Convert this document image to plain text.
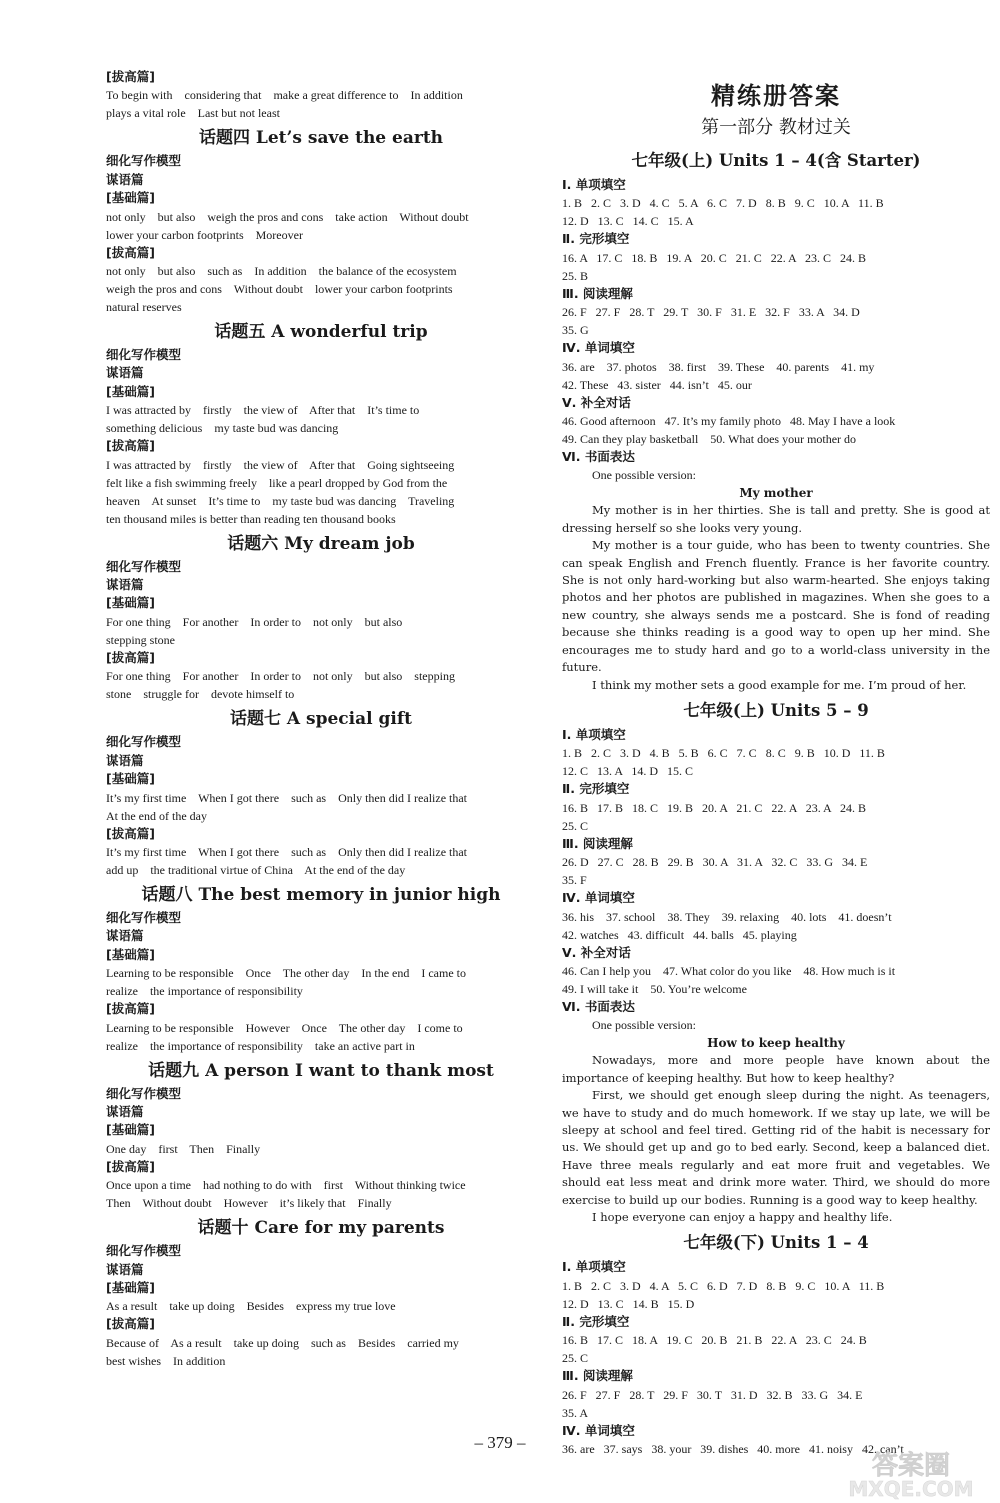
[拔高篇]
To begin with    considering that    make a great difference to    In addition
plays a vital role    Last but not least
话题四 Let’s save the earth
细化写作模型
谋语篇
[基础篇]
not only    but also    weigh the pros and cons    take action    Without doubt
lower your carbon footprints    Moreover
[拔高篇]
not only    but also    such as    In addition    the balance of the ecosystem
weigh the pros and cons    Without doubt    lower your carbon footprints
natural reserves
话题五 A wonderful trip
细化写作模型
谋语篇
[基础篇]
I was attracted by    firstly    the view of    After that    It’s time to
something delicious    my taste bud was dancing
[拔高篇]
I was attracted by    firstly    the view of    After that    Going sightseeing
felt like a fish swimming freely    like a pearl dropped by God from the
heaven    At sunset    It’s time to    my taste bud was dancing    Traveling
ten thousand miles is better than reading ten thousand books
话题六 My dream job
细化写作模型
谋语篇
[基础篇]
For one thing    For another    In order to    not only    but also
stepping stone
[拔高篇]
For one thing    For another    In order to    not only    but also    stepping
stone    struggle for    devote himself to
话题七 A special gift
细化写作模型
谋语篇
[基础篇]
It’s my first time    When I got there    such as    Only then did I realize that
At the end of the day
[拔高篇]
It’s my first time    When I got there    such as    Only then did I realize that
add up    the traditional virtue of China    At the end of the day
话题八 The best memory in junior high
细化写作模型
谋语篇
[基础篇]
Learning to be responsible    Once    The other day    In the end    I came to
realize    the importance of responsibility
[拔高篇]
Learning to be responsible    However    Once    The other day    I come to
realize    the importance of responsibility    take an active part in
话题九 A person I want to thank most
细化写作模型
谋语篇
[基础篇]
One day    first    Then    Finally
[拔高篇]
Once upon a time    had nothing to do with    first    Without thinking twice
Then    Without doubt    However    it’s likely that    Finally
话题十 Care for my parents
细化写作模型
谋语篇
[基础篇]
As a result    take up doing    Besides    express my true love
[拔高篇]
Because of    As a result    take up doing    such as    Besides    carried my
best wishes    In addition
精练册答案
第一部分 教材过关
七年级(上) Units 1 – 4(含 Starter)
Ⅰ. 单项填空
1. B   2. C   3. D   4. C   5. A   6. C   7. D   8. B   9. C   10. A   11. B
12. D   13. C   14. C   15. A
Ⅱ. 完形填空
16. A   17. C   18. B   19. A   20. C   21. C   22. A   23. C   24. B
25. B
Ⅲ. 阅读理解
26. F   27. F   28. T   29. T   30. F   31. E   32. F   33. A   34. D
35. G
Ⅳ. 单词填空
36. are    37. photos    38. first    39. These    40. parents    41. my
42. These   43. sister   44. isn’t   45. our
Ⅴ. 补全对话
46. Good afternoon   47. It’s my family photo   48. May I have a look
49. Can they play basketball    50. What does your mother do
Ⅵ. 书面表达
One possible version:
My mother
My mother is in her thirties. She is tall and pretty. She is good at dressing herself so she looks very young.
My mother is a tour guide, who has been to twenty countries. She can speak English and French fluently. France is her favorite country. She is not only hard-working but also warm-hearted. She enjoys taking photos and her photos are published in magazines. When she goes to a new country, she always sends me a postcard. She is fond of reading because she thinks reading is a good way to open up her mind. She encourages me to study hard and go to a world-class university in the future.
I think my mother sets a good example for me. I’m proud of her.
七年级(上) Units 5 – 9
Ⅰ. 单项填空
1. B   2. C   3. D   4. B   5. B   6. C   7. C   8. C   9. B   10. D   11. B
12. C   13. A   14. D   15. C
Ⅱ. 完形填空
16. B   17. B   18. C   19. B   20. A   21. C   22. A   23. A   24. B
25. C
Ⅲ. 阅读理解
26. D   27. C   28. B   29. B   30. A   31. A   32. C   33. G   34. E
35. F
Ⅳ. 单词填空
36. his    37. school    38. They    39. relaxing    40. lots    41. doesn’t
42. watches   43. difficult   44. balls   45. playing
Ⅴ. 补全对话
46. Can I help you    47. What color do you like    48. How much is it
49. I will take it    50. You’re welcome
Ⅵ. 书面表达
One possible version:
How to keep healthy
Nowadays, more and more people have known about the importance of keeping healthy. But how to keep healthy?
First, we should get enough sleep during the night. As teenagers, we have to study and do much homework. If we stay up late, we will be sleepy at school and feel tired. Getting rid of the habit is necessary for us. We should get up and go to bed early. Second, keep a balanced diet. Have three meals regularly and eat more fruit and vegetables. We should eat less meat and drink more water. Third, we should do more exercise to build up our bodies. Running is a good way to keep healthy.
I hope everyone can enjoy a happy and healthy life.
七年级(下) Units 1 – 4
Ⅰ. 单项填空
1. B   2. C   3. D   4. A   5. C   6. D   7. D   8. B   9. C   10. A   11. B
12. D   13. C   14. B   15. D
Ⅱ. 完形填空
16. B   17. C   18. A   19. C   20. B   21. B   22. A   23. C   24. B
25. C
Ⅲ. 阅读理解
26. F   27. F   28. T   29. F   30. T   31. D   32. B   33. G   34. E
35. A
Ⅳ. 单词填空
36. are   37. says   38. your   39. dishes   40. more   41. noisy   42. can’t
– 379 –
答案圈
MXQE.COM
